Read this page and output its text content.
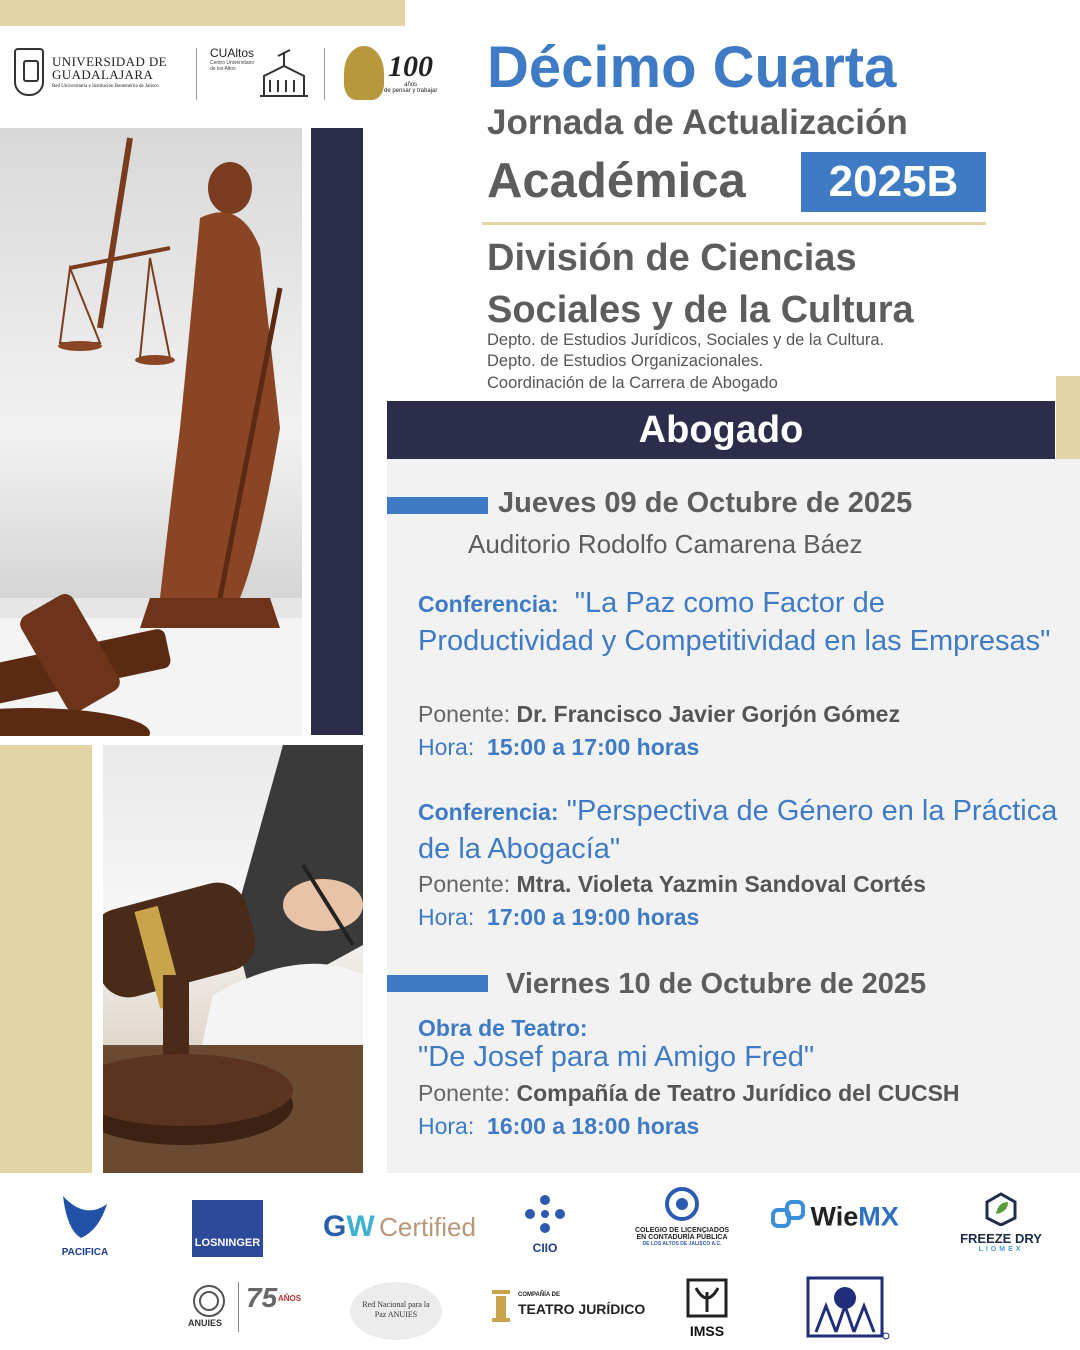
UNIVERSIDAD DE
GUADALAJARA
Red Universitaria e Institución Benemérita de Jalisco
CUAltos
Centro Universitario de los Altos	100
años
de pensar y trabajar Décimo Cuarta
Jornada de Actualización
Académica	2025B
División de Ciencias
Sociales y de la Cultura
Depto. de Estudios Jurídicos, Sociales y de la Cultura.
Depto. de Estudios Organizacionales.
Coordinación de la Carrera de Abogado
Abogado
Jueves 09 de Octubre de 2025
Auditorio Rodolfo Camarena Báez
Conferencia: "La Paz como Factor de Productividad y Competitividad en las Empresas"
Ponente: Dr. Francisco Javier Gorjón Gómez
Hora: 15:00 a 17:00 horas
Conferencia: "Perspectiva de Género en la Práctica de la Abogacía"
Ponente: Mtra. Violeta Yazmin Sandoval Cortés
Hora: 17:00 a 19:00 horas
Viernes 10 de Octubre de 2025
Obra de Teatro:
"De Josef para mi Amigo Fred"
Ponente: Compañía de Teatro Jurídico del CUCSH
Hora: 16:00 a 18:00 horas
PACIFICA
LOSNINGER GW Certified
CIIO
COLEGIO DE LICENCIADOS
EN CONTADURÍA PÚBLICA
DE LOS ALTOS DE JALISCO A.C.
WieMX
FREEZE DRY
LIOMEX
ANUIES
75 AÑOS
Red Nacional para la Paz ANUIES
COMPAÑÍA DE
TEATRO JURÍDICO
IMSS
